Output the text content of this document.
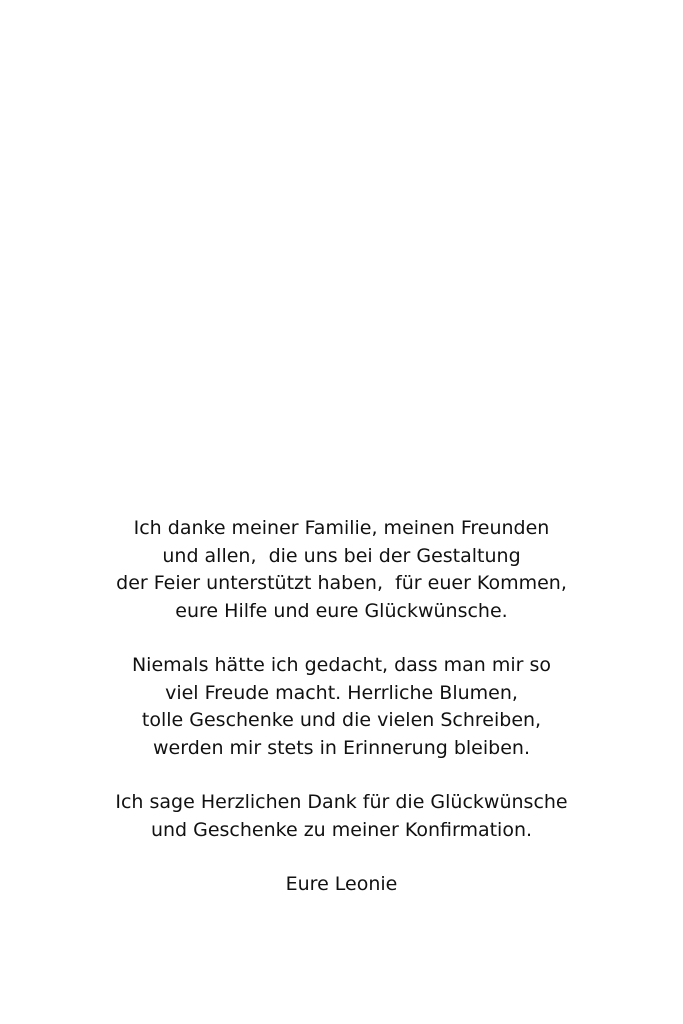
Ich danke meiner Familie, meinen Freunden
und allen,  die uns bei der Gestaltung
der Feier unterstützt haben,  für euer Kommen,
eure Hilfe und eure Glückwünsche.

Niemals hätte ich gedacht, dass man mir so
viel Freude macht. Herrliche Blumen,
tolle Geschenke und die vielen Schreiben,
werden mir stets in Erinnerung bleiben.

Ich sage Herzlichen Dank für die Glückwünsche
und Geschenke zu meiner Konfirmation.

Eure Leonie
